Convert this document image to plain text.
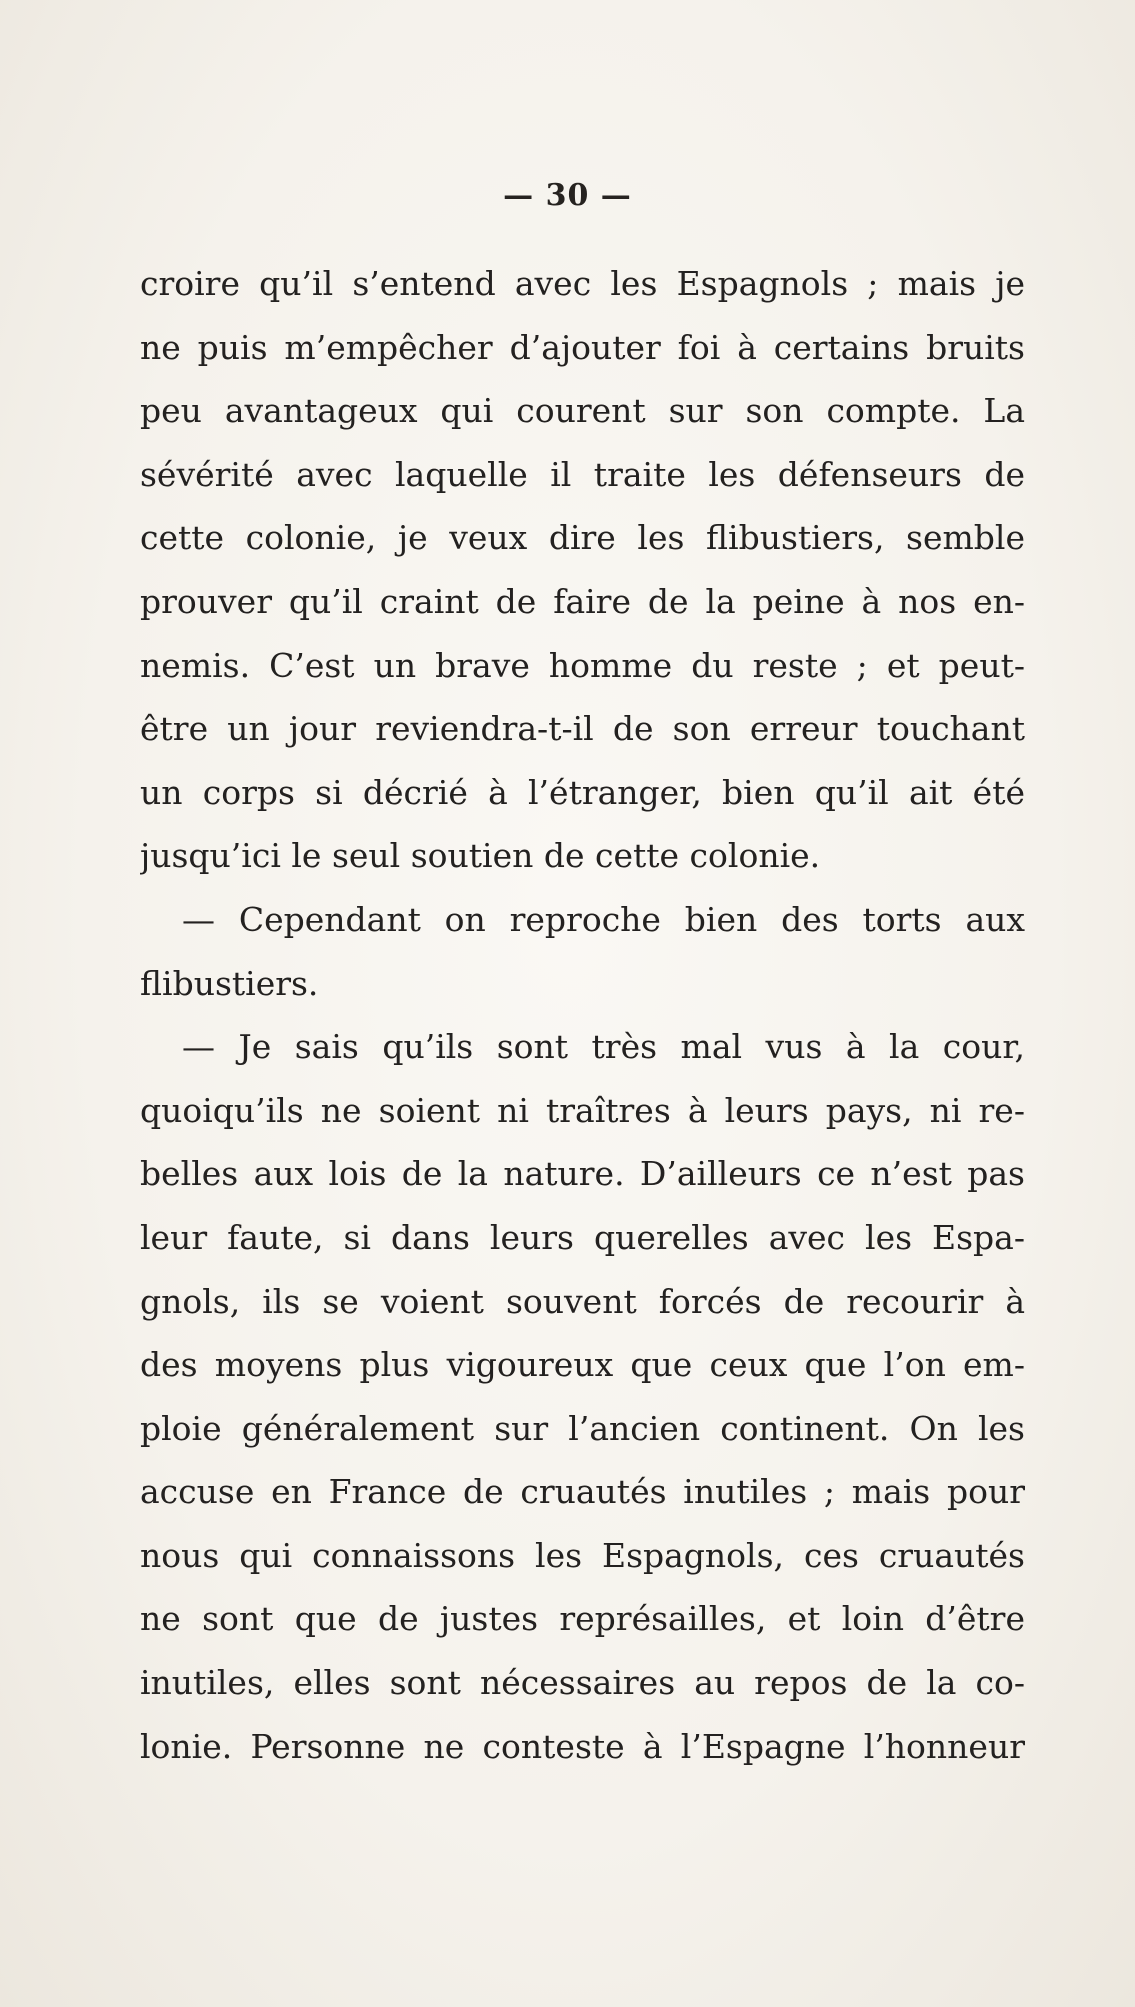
— 30 —
croire qu’il s’entend avec les Espagnols ; mais je
ne puis m’empêcher d’ajouter foi à certains bruits
peu avantageux qui courent sur son compte. La
sévérité avec laquelle il traite les défenseurs de
cette colonie, je veux dire les flibustiers, semble
prouver qu’il craint de faire de la peine à nos en-
nemis. C’est un brave homme du reste ; et peut-
être un jour reviendra-t-il de son erreur touchant
un corps si décrié à l’étranger, bien qu’il ait été
jusqu’ici le seul soutien de cette colonie.
— Cependant on reproche bien des torts aux
flibustiers.
— Je sais qu’ils sont très mal vus à la cour,
quoiqu’ils ne soient ni traîtres à leurs pays, ni re-
belles aux lois de la nature. D’ailleurs ce n’est pas
leur faute, si dans leurs querelles avec les Espa-
gnols, ils se voient souvent forcés de recourir à
des moyens plus vigoureux que ceux que l’on em-
ploie généralement sur l’ancien continent. On les
accuse en France de cruautés inutiles ; mais pour
nous qui connaissons les Espagnols, ces cruautés
ne sont que de justes représailles, et loin d’être
inutiles, elles sont nécessaires au repos de la co-
lonie. Personne ne conteste à l’Espagne l’honneur
